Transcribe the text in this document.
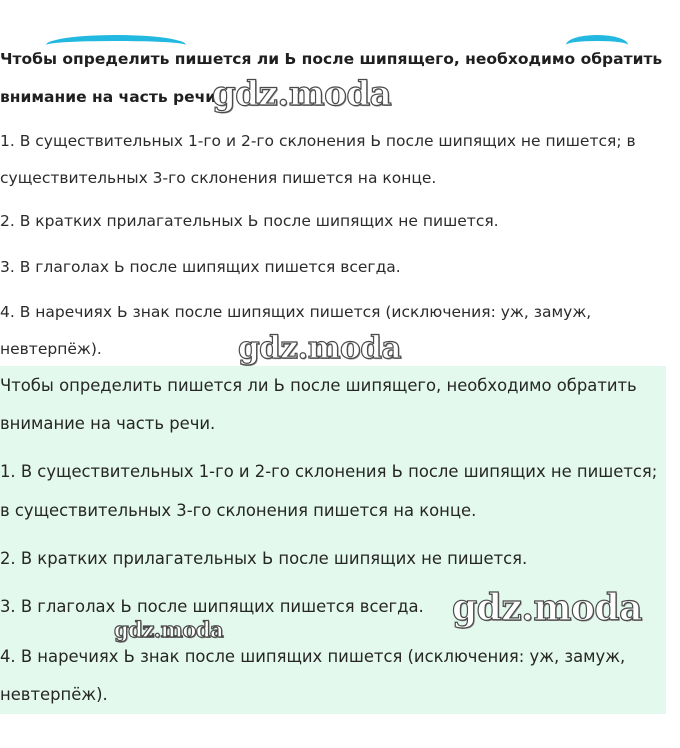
Чтобы определить пишется ли Ь после шипящего, необходимо обратить
внимание на часть речи.
1. В существительных 1-го и 2-го склонения Ь после шипящих не пишется; в
существительных 3-го склонения пишется на конце.
2. В кратких прилагательных Ь после шипящих не пишется.
3. В глаголах Ь после шипящих пишется всегда.
4. В наречиях Ь знак после шипящих пишется (исключения: уж, замуж,
невтерпёж).
Чтобы определить пишется ли Ь после шипящего, необходимо обратить
внимание на часть речи.
1. В существительных 1-го и 2-го склонения Ь после шипящих не пишется;
в существительных 3-го склонения пишется на конце.
2. В кратких прилагательных Ь после шипящих не пишется.
3. В глаголах Ь после шипящих пишется всегда.
4. В наречиях Ь знак после шипящих пишется (исключения: уж, замуж,
невтерпёж).
gdz.moda
gdz.moda
gdz.moda
gdz.moda
